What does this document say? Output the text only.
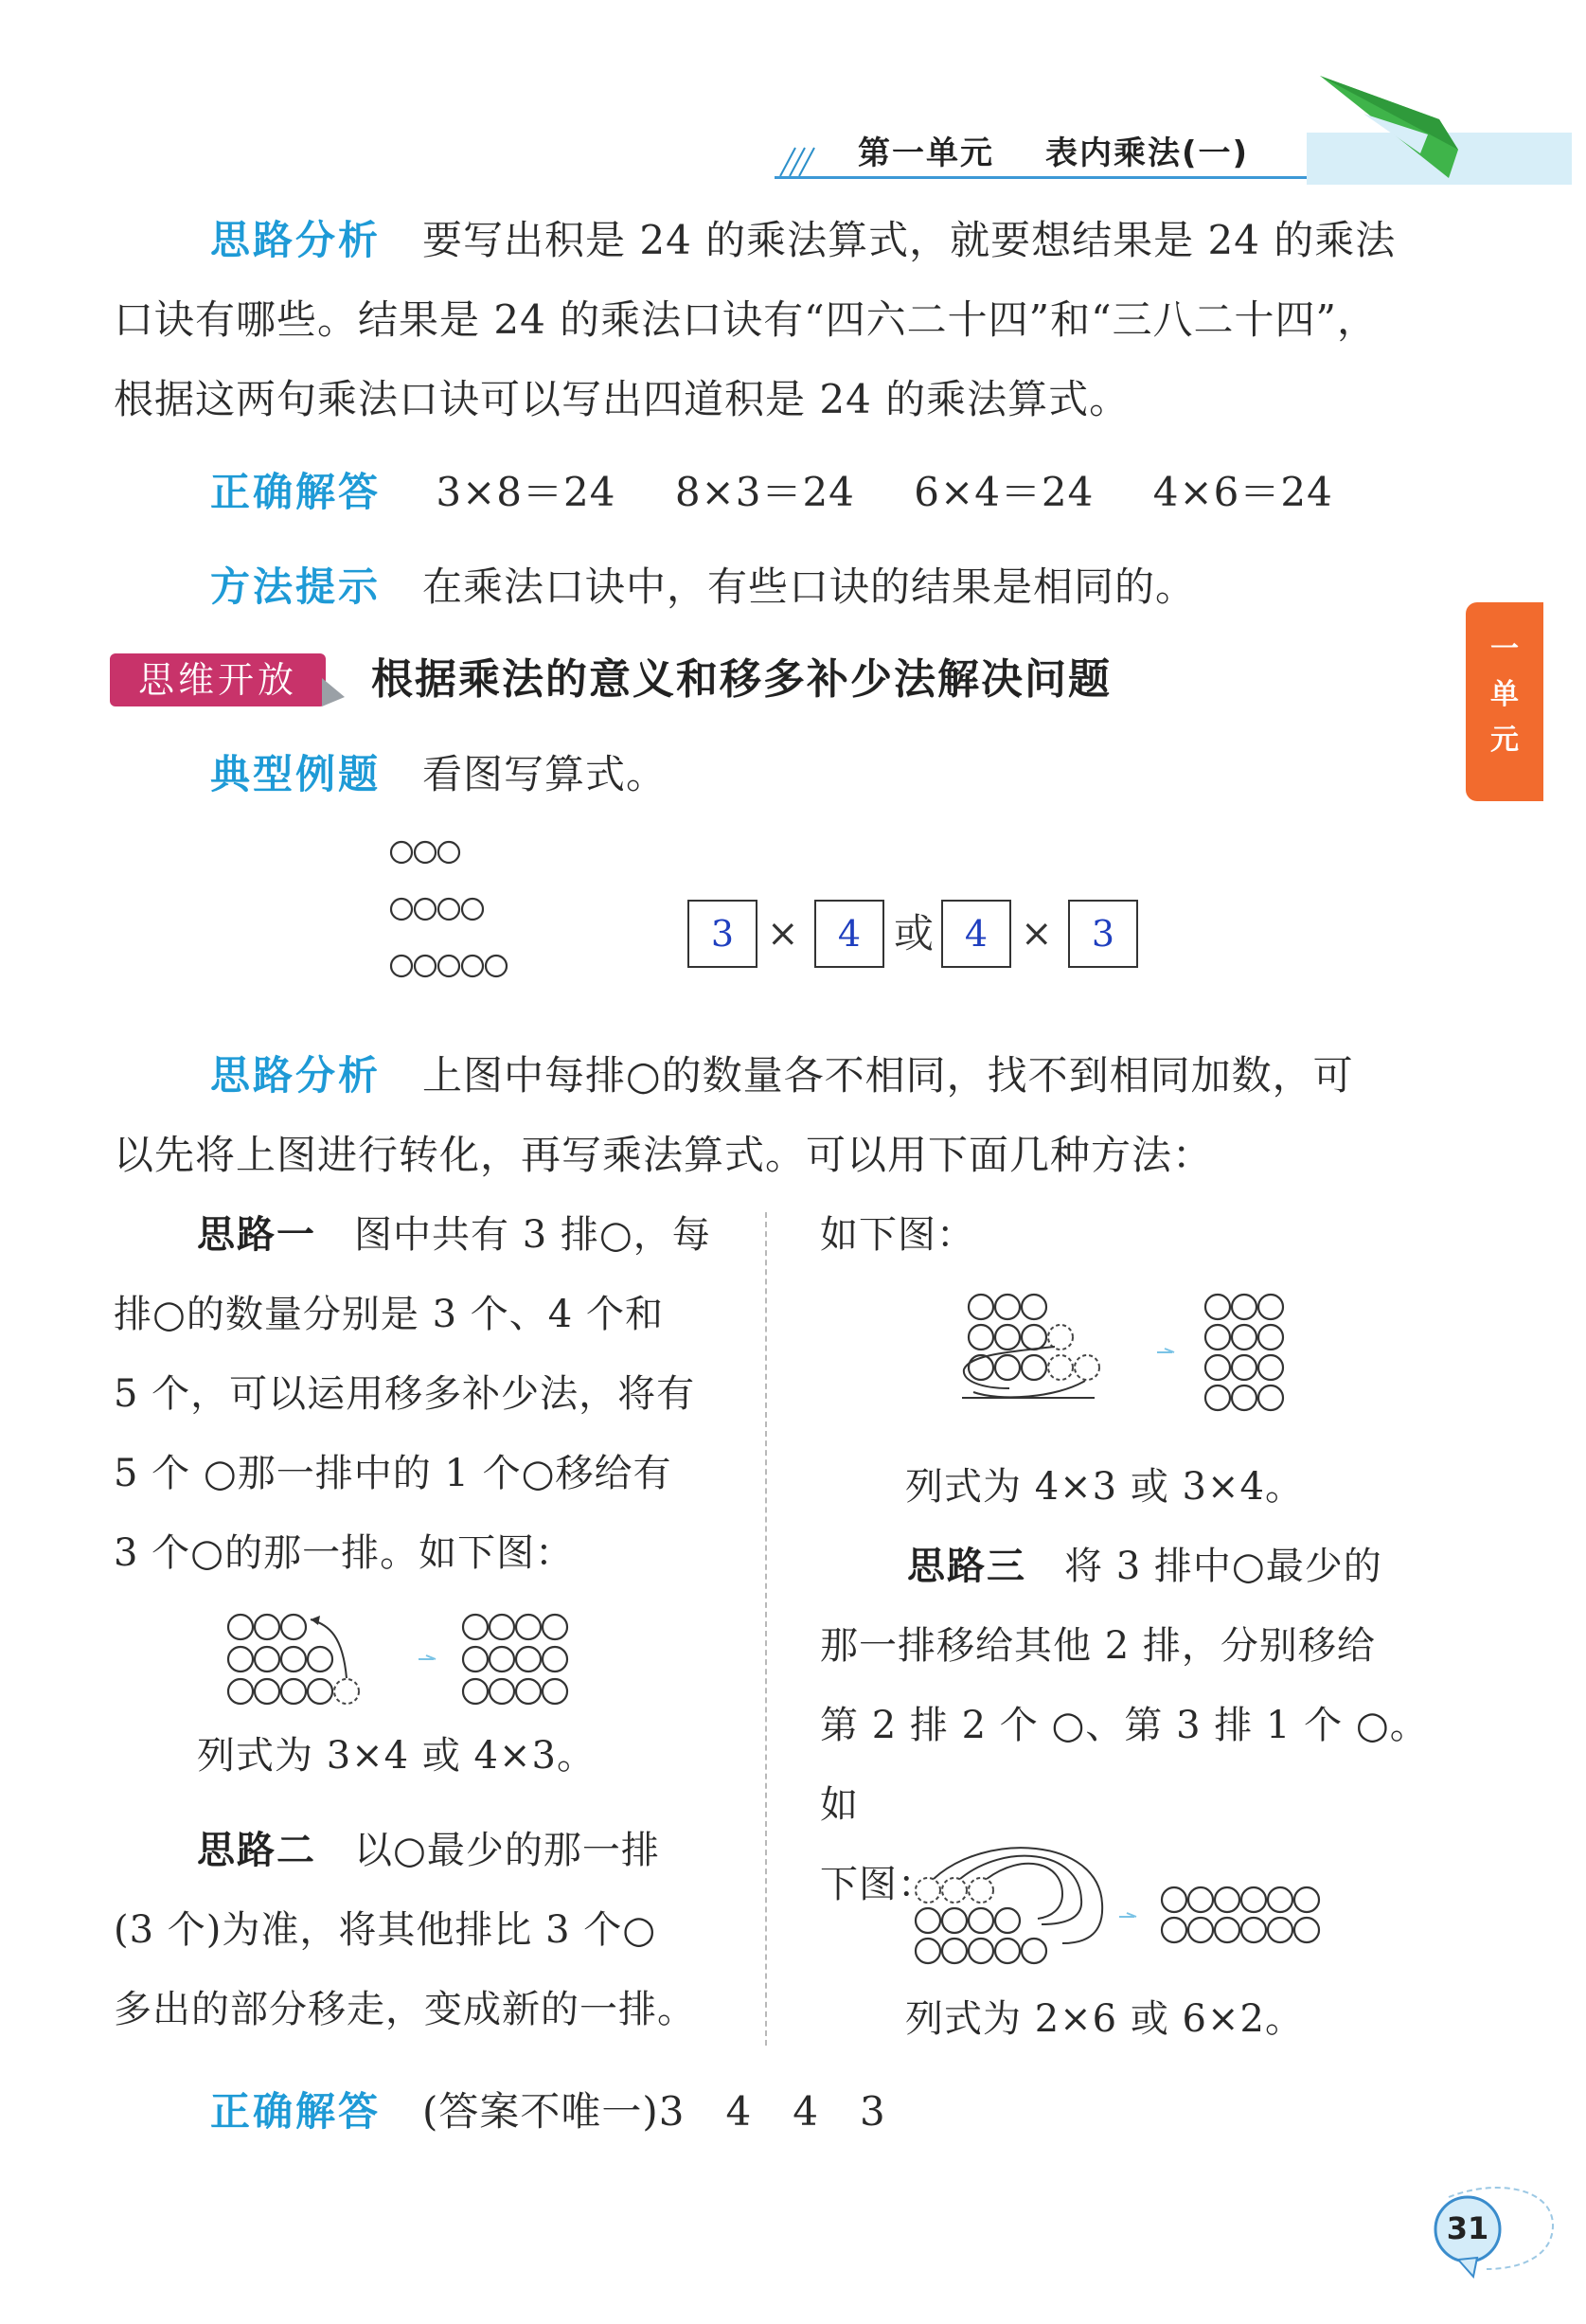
第一单元 表内乘法(一)
一
单
元
思路分析 要写出积是 24 的乘法算式，就要想结果是 24 的乘法
口诀有哪些。结果是 24 的乘法口诀有“四六二十四”和“三八二十四”，
根据这两句乘法口诀可以写出四道积是 24 的乘法算式。
正确解答 3×8＝24 8×3＝24 6×4＝24 4×6＝24
方法提示 在乘法口诀中，有些口诀的结果是相同的。
思维开放	根据乘法的意义和移多补少法解决问题
典型例题 看图写算式。
3 ×	4 或 4 ×	3
思路分析 上图中每排○的数量各不相同，找不到相同加数，可
以先将上图进行转化，再写乘法算式。可以用下面几种方法：
思路一 图中共有 3 排○，每
排○的数量分别是 3 个、4 个和
5 个，可以运用移多补少法，将有
5 个 ○那一排中的 1 个○移给有
3 个○的那一排。如下图：
列式为 3×4 或 4×3。
思路二 以○最少的那一排
(3 个)为准，将其他排比 3 个○
多出的部分移走，变成新的一排。
如下图：
列式为 4×3 或 3×4。
思路三 将 3 排中○最少的
那一排移给其他 2 排，分别移给
第 2 排 2 个 ○、第 3 排 1 个 ○。如
下图：
列式为 2×6 或 6×2。
正确解答 (答案不唯一)3　4　4　3
31
